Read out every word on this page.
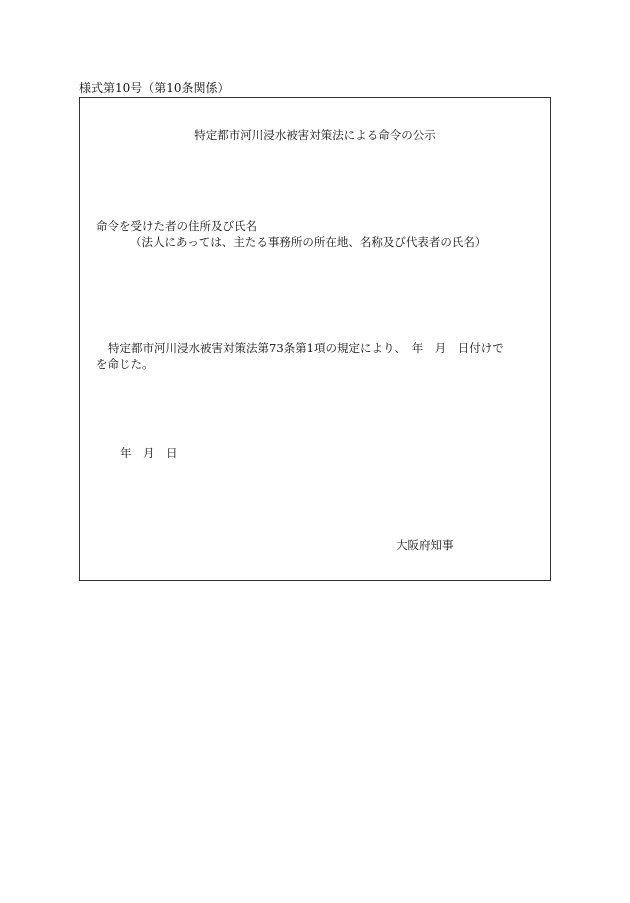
様式第10号（第10条関係）
特定都市河川浸水被害対策法による命令の公示
命令を受けた者の住所及び氏名
（法人にあっては、主たる事務所の所在地、名称及び代表者の氏名）
特定都市河川浸水被害対策法第73条第1項の規定により、　年　月　日付けで
を命じた。
年　月　日
大阪府知事
